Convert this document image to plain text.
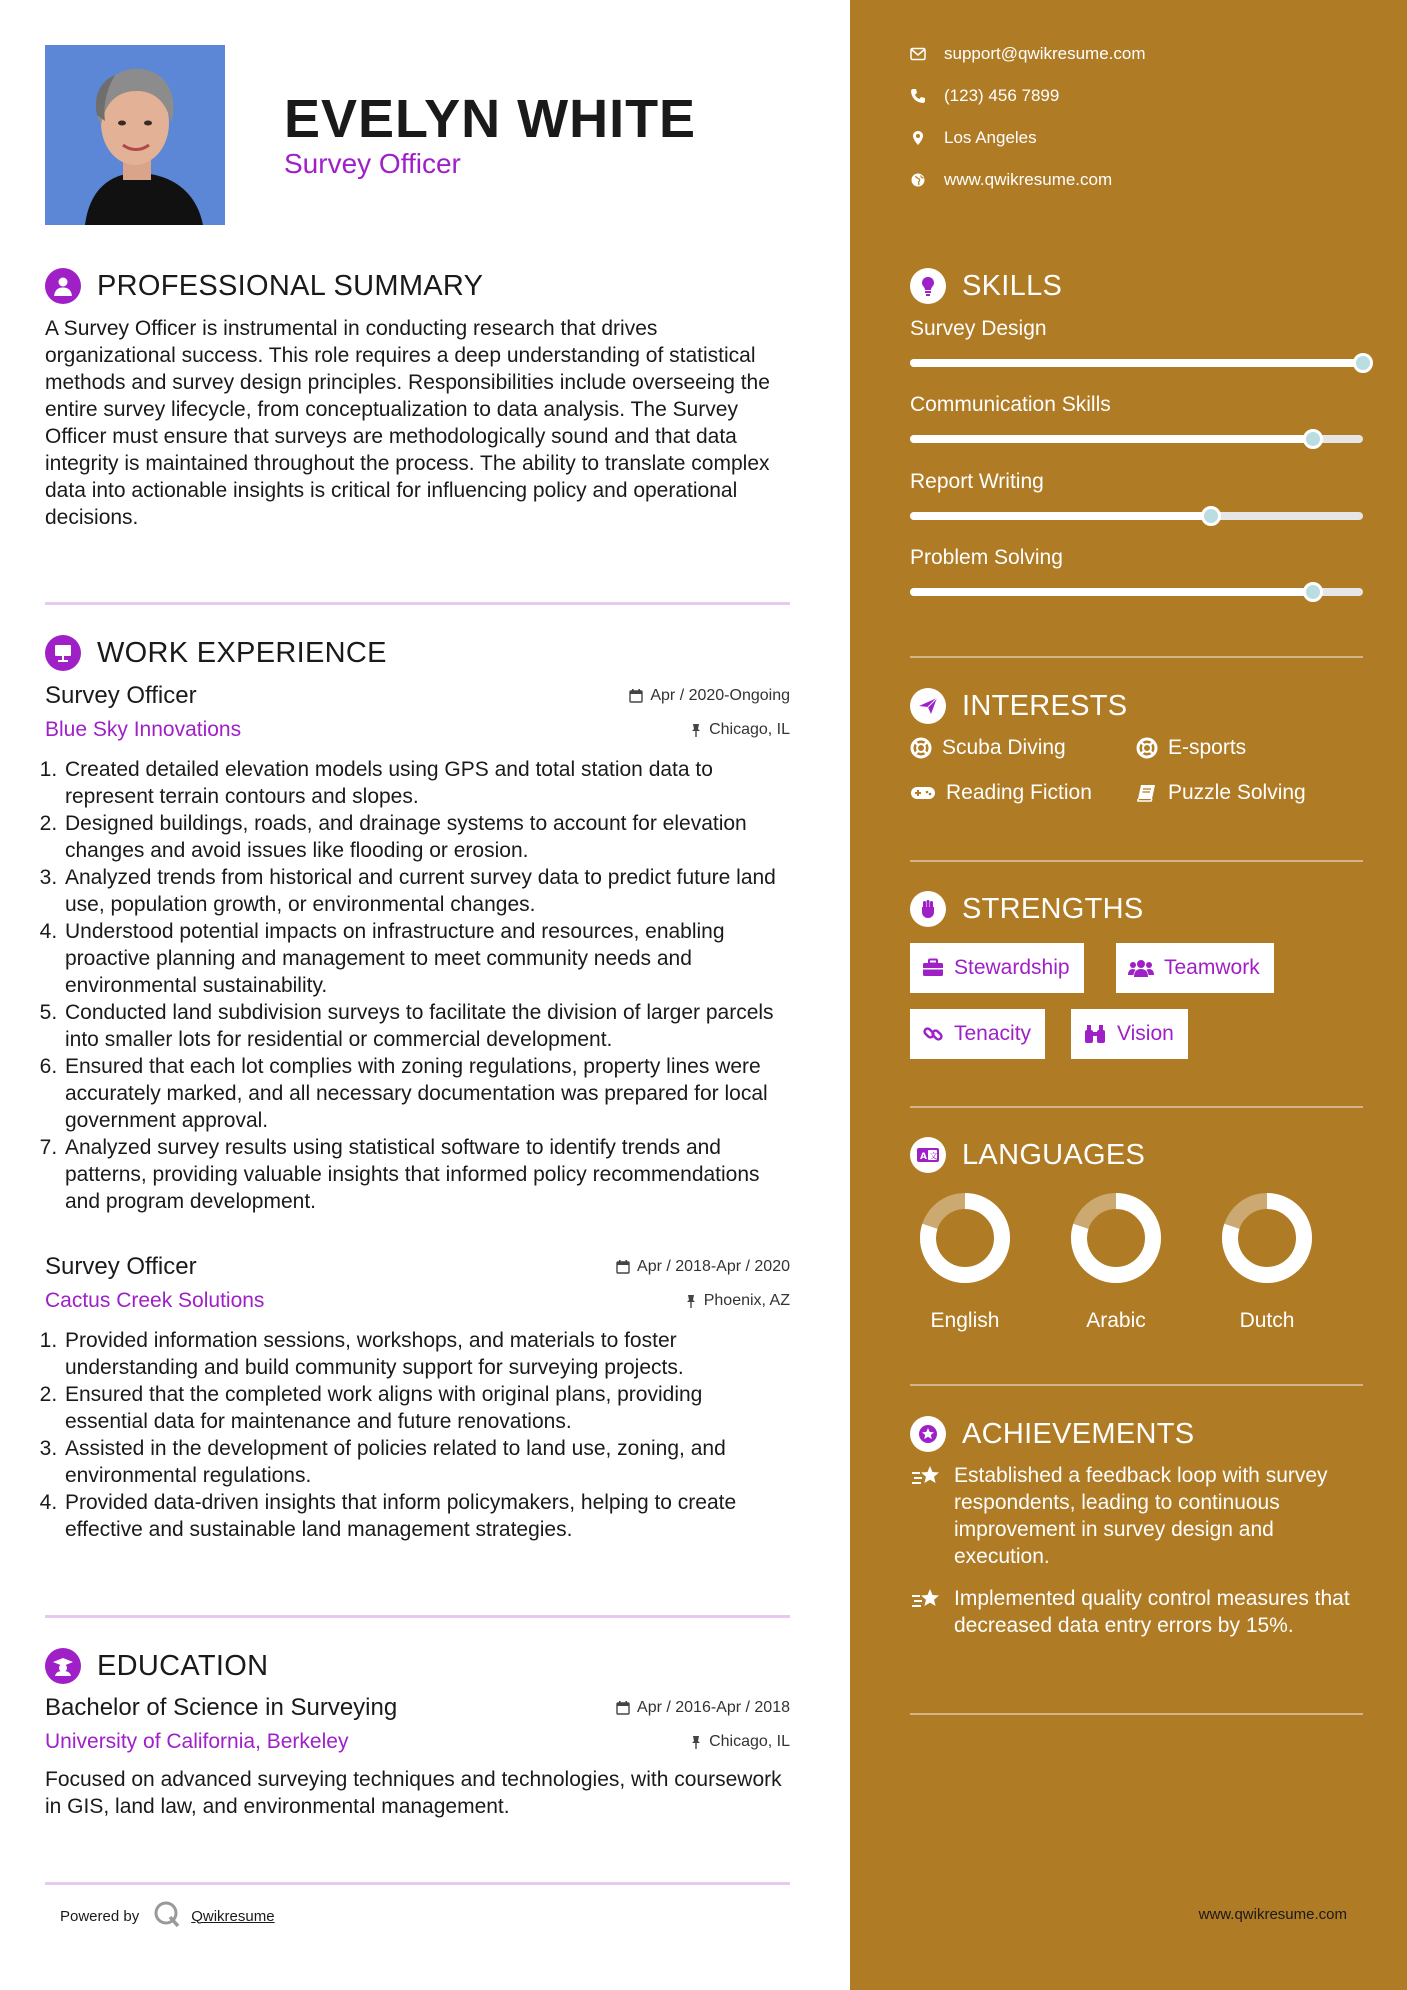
EVELYN WHITE
Survey Officer
PROFESSIONAL SUMMARY
A Survey Officer is instrumental in conducting research that drives organizational success. This role requires a deep understanding of statistical methods and survey design principles. Responsibilities include overseeing the entire survey lifecycle, from conceptualization to data analysis. The Survey Officer must ensure that surveys are methodologically sound and that data integrity is maintained throughout the process. The ability to translate complex data into actionable insights is critical for influencing policy and operational decisions.
WORK EXPERIENCE
Survey Officer	Apr / 2020-Ongoing
Blue Sky Innovations	Chicago, IL
1. Created detailed elevation models using GPS and total station data to represent terrain contours and slopes.
2. Designed buildings, roads, and drainage systems to account for elevation changes and avoid issues like flooding or erosion.
3. Analyzed trends from historical and current survey data to predict future land use, population growth, or environmental changes.
4. Understood potential impacts on infrastructure and resources, enabling proactive planning and management to meet community needs and environmental sustainability.
5. Conducted land subdivision surveys to facilitate the division of larger parcels into smaller lots for residential or commercial development.
6. Ensured that each lot complies with zoning regulations, property lines were accurately marked, and all necessary documentation was prepared for local government approval.
7. Analyzed survey results using statistical software to identify trends and patterns, providing valuable insights that informed policy recommendations and program development.
Survey Officer	Apr / 2018-Apr / 2020
Cactus Creek Solutions	Phoenix, AZ
1. Provided information sessions, workshops, and materials to foster understanding and build community support for surveying projects.
2. Ensured that the completed work aligns with original plans, providing essential data for maintenance and future renovations.
3. Assisted in the development of policies related to land use, zoning, and environmental regulations.
4. Provided data-driven insights that inform policymakers, helping to create effective and sustainable land management strategies.
EDUCATION
Bachelor of Science in Surveying	Apr / 2016-Apr / 2018
University of California, Berkeley	Chicago, IL
Focused on advanced surveying techniques and technologies, with coursework in GIS, land law, and environmental management.
Powered by	Qwikresume
support@qwikresume.com
(123) 456 7899
Los Angeles
www.qwikresume.com
SKILLS
Survey Design
Communication Skills
Report Writing
Problem Solving
INTERESTS
Scuba Diving	E-sports
Reading Fiction	Puzzle Solving
STRENGTHS
Stewardship	Teamwork
Tenacity	Vision
A 文 LANGUAGES
English	Arabic	Dutch
ACHIEVEMENTS
Established a feedback loop with survey respondents, leading to continuous improvement in survey design and execution.
Implemented quality control measures that decreased data entry errors by 15%.
www.qwikresume.com
